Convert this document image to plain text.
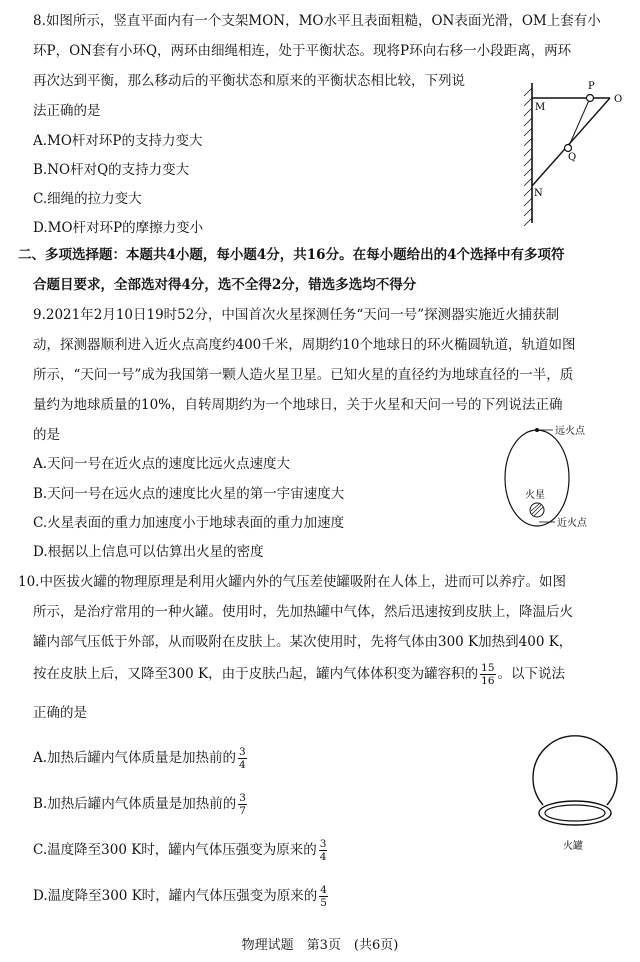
8.如图所示，竖直平面内有一个支架MON，MO水平且表面粗糙，ON表面光滑，OM上套有小
环P，ON套有小环Q，两环由细绳相连，处于平衡状态。现将P环向右移一小段距离，两环
再次达到平衡，那么移动后的平衡状态和原来的平衡状态相比较，下列说
法正确的是
A.MO杆对环P的支持力变大
B.NO杆对Q的支持力变大
C.细绳的拉力变大
D.MO杆对环P的摩擦力变小
M
P
O
Q
N
二、多项选择题：本题共4小题，每小题4分，共16分。在每小题给出的4个选择中有多项符
合题目要求，全部选对得4分，选不全得2分，错选多选均不得分
9.2021年2月10日19时52分，中国首次火星探测任务“天问一号”探测器实施近火捕获制
动，探测器顺利进入近火点高度约400千米，周期约10个地球日的环火椭圆轨道，轨道如图
所示，“天问一号”成为我国第一颗人造火星卫星。已知火星的直径约为地球直径的一半，质
量约为地球质量的10%，自转周期约为一个地球日，关于火星和天问一号的下列说法正确
的是
A.天问一号在近火点的速度比远火点速度大
B.天问一号在远火点的速度比火星的第一宇宙速度大
C.火星表面的重力加速度小于地球表面的重力加速度
D.根据以上信息可以估算出火星的密度
远火点
火星
近火点
10.中医拔火罐的物理原理是利用火罐内外的气压差使罐吸附在人体上，进而可以养疗。如图
所示，是治疗常用的一种火罐。使用时，先加热罐中气体，然后迅速按到皮肤上，降温后火
罐内部气压低于外部，从而吸附在皮肤上。某次使用时，先将气体由300 K加热到400 K，
按在皮肤上后，又降至300 K，由于皮肤凸起，罐内气体体积变为罐容积的 $\frac{15}{16}$ 。以下说法
正确的是
A.加热后罐内气体质量是加热前的 $\frac{3}{4}$
B.加热后罐内气体质量是加热前的 $\frac{3}{7}$
C.温度降至300 K时，罐内气体压强变为原来的 $\frac{3}{4}$
D.温度降至300 K时，罐内气体压强变为原来的 $\frac{4}{5}$
火罐
物理试题　第3页　(共6页)
